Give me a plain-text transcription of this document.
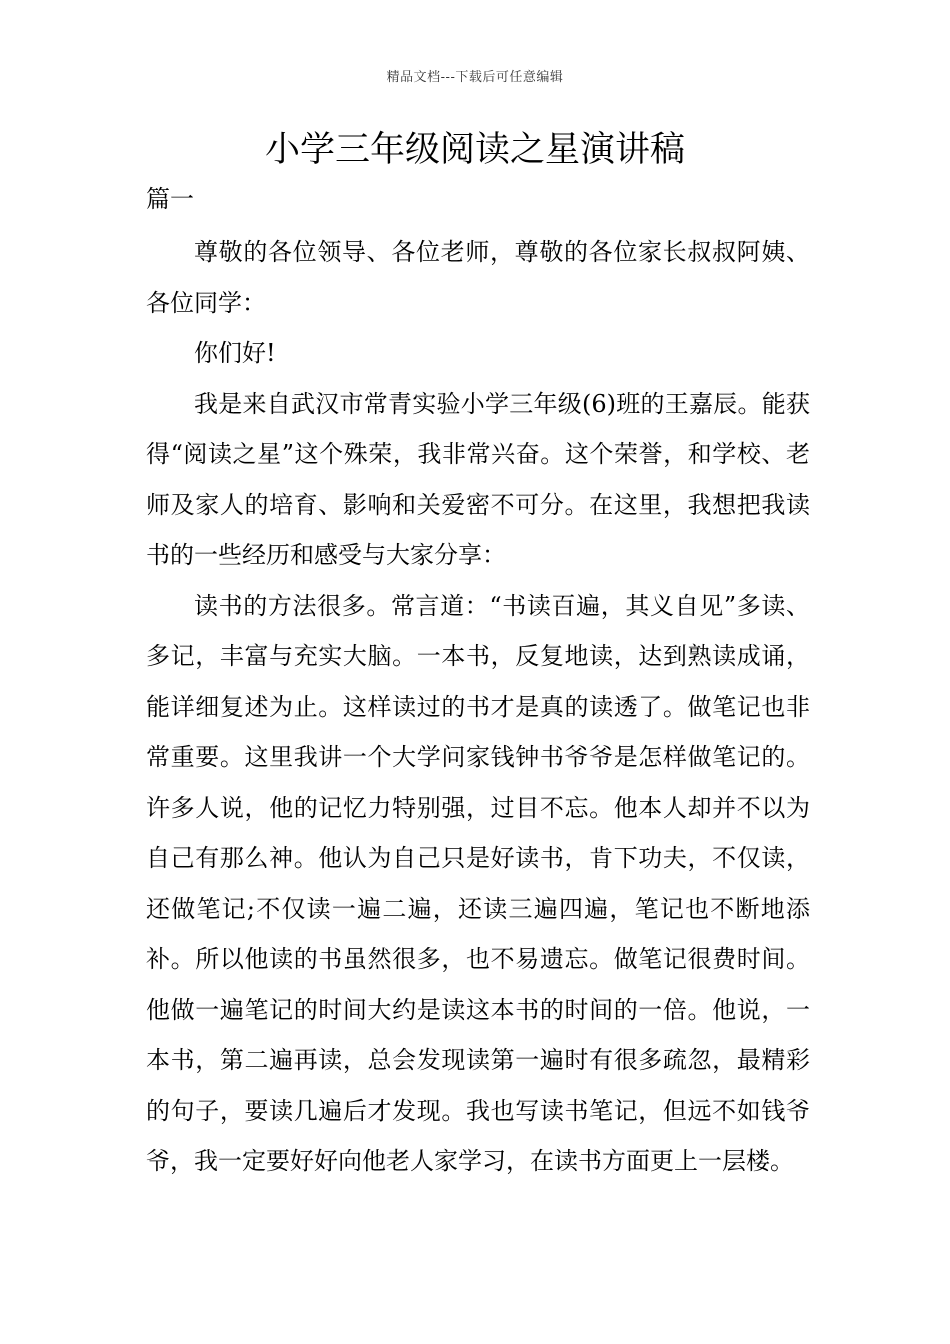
精品文档---下载后可任意编辑
小学三年级阅读之星演讲稿
篇一

尊敬的各位领导、各位老师，尊敬的各位家长叔叔阿姨、各位同学：

你们好!

我是来自武汉市常青实验小学三年级(6)班的王嘉辰。能获得“阅读之星”这个殊荣，我非常兴奋。这个荣誉，和学校、老师及家人的培育、影响和关爱密不可分。在这里，我想把我读书的一些经历和感受与大家分享：

读书的方法很多。常言道：“书读百遍，其义自见”多读、多记，丰富与充实大脑。一本书，反复地读，达到熟读成诵，能详细复述为止。这样读过的书才是真的读透了。做笔记也非常重要。这里我讲一个大学问家钱钟书爷爷是怎样做笔记的。许多人说，他的记忆力特别强，过目不忘。他本人却并不以为自己有那么神。他认为自己只是好读书，肯下功夫，不仅读，还做笔记;不仅读一遍二遍，还读三遍四遍，笔记也不断地添补。所以他读的书虽然很多，也不易遗忘。做笔记很费时间。他做一遍笔记的时间大约是读这本书的时间的一倍。他说，一本书，第二遍再读，总会发现读第一遍时有很多疏忽，最精彩的句子，要读几遍后才发现。我也写读书笔记，但远不如钱爷爷，我一定要好好向他老人家学习，在读书方面更上一层楼。
